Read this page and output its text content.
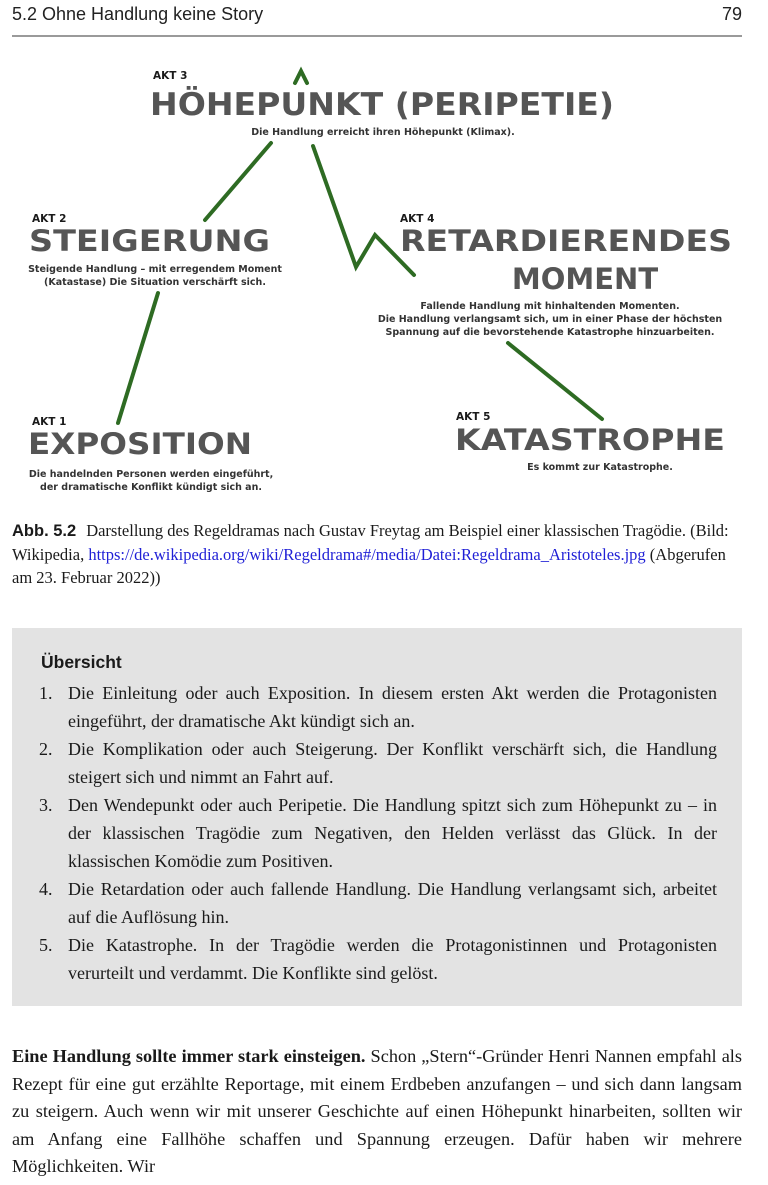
5.2 Ohne Handlung keine Story	79
AKT 3
HÖHEPUNKT (PERIPETIE)
Die Handlung erreicht ihren Höhepunkt (Klimax).
AKT 2
STEIGERUNG
Steigende Handlung – mit erregendem Moment
(Katastase) Die Situation verschärft sich.
AKT 4
RETARDIERENDES
MOMENT
Fallende Handlung mit hinhaltenden Momenten.
Die Handlung verlangsamt sich, um in einer Phase der höchsten
Spannung auf die bevorstehende Katastrophe hinzuarbeiten.
AKT 1
EXPOSITION
Die handelnden Personen werden eingeführt,
der dramatische Konflikt kündigt sich an.
AKT 5
KATASTROPHE
Es kommt zur Katastrophe.
Abb. 5.2 Darstellung des Regeldramas nach Gustav Freytag am Beispiel einer klassischen Tragödie. (Bild: Wikipedia, https://de.wikipedia.org/wiki/Regeldrama#/media/Datei:Regeldrama_Aristoteles.jpg (Abgerufen am 23. Februar 2022))
Übersicht
1. Die Einleitung oder auch Exposition. In diesem ersten Akt werden die Protagonisten eingeführt, der dramatische Akt kündigt sich an.
2. Die Komplikation oder auch Steigerung. Der Konflikt verschärft sich, die Handlung steigert sich und nimmt an Fahrt auf.
3. Den Wendepunkt oder auch Peripetie. Die Handlung spitzt sich zum Höhepunkt zu – in der klassischen Tragödie zum Negativen, den Helden verlässt das Glück. In der klassischen Komödie zum Positiven.
4. Die Retardation oder auch fallende Handlung. Die Handlung verlangsamt sich, arbeitet auf die Auflösung hin.
5. Die Katastrophe. In der Tragödie werden die Protagonistinnen und Protagonisten verurteilt und verdammt. Die Konflikte sind gelöst.
Eine Handlung sollte immer stark einsteigen. Schon „Stern“-Gründer Henri Nannen empfahl als Rezept für eine gut erzählte Reportage, mit einem Erdbeben anzufangen – und sich dann langsam zu steigern. Auch wenn wir mit unserer Geschichte auf einen Höhepunkt hinarbeiten, sollten wir am Anfang eine Fallhöhe schaffen und Spannung erzeugen. Dafür haben wir mehrere Möglichkeiten. Wir
